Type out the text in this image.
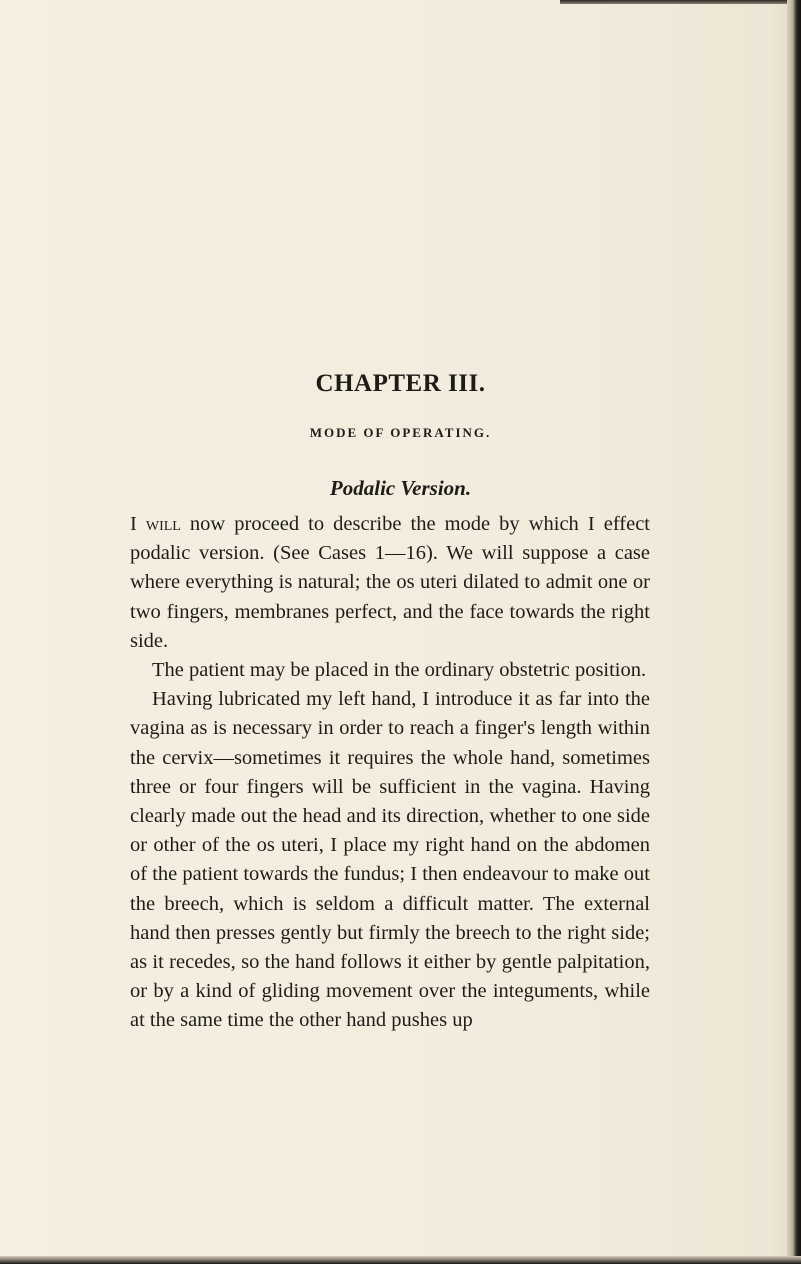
CHAPTER III.
MODE OF OPERATING.
Podalic Version.

I will now proceed to describe the mode by which I effect podalic version. (See Cases 1—16). We will suppose a case where everything is natural; the os uteri dilated to admit one or two fingers, membranes perfect, and the face towards the right side.

The patient may be placed in the ordinary obstetric position.

Having lubricated my left hand, I introduce it as far into the vagina as is necessary in order to reach a finger's length within the cervix—sometimes it requires the whole hand, sometimes three or four fingers will be sufficient in the vagina. Having clearly made out the head and its direction, whether to one side or other of the os uteri, I place my right hand on the abdomen of the patient towards the fundus; I then endeavour to make out the breech, which is seldom a difficult matter. The external hand then presses gently but firmly the breech to the right side; as it recedes, so the hand follows it either by gentle palpitation, or by a kind of gliding movement over the integuments, while at the same time the other hand pushes up
